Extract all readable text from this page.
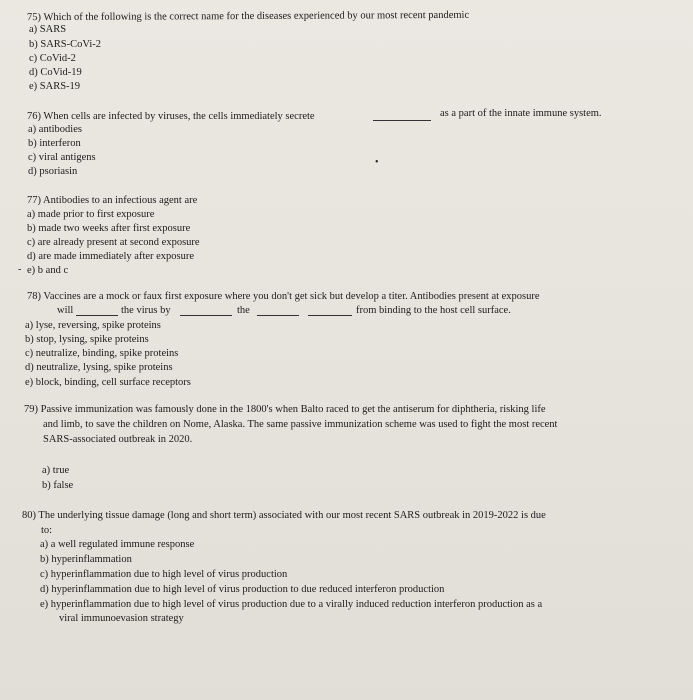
75) Which of the following is the correct name for the diseases experienced by our most recent pandemic
a) SARS
b) SARS-CoVi-2
c) CoVid-2
d) CoVid-19
e) SARS-19
76) When cells are infected by viruses, the cells immediately secrete	as a part of the innate immune system.
a) antibodies
b) interferon
c) viral antigens
d) psoriasin
•
77) Antibodies to an infectious agent are
a) made prior to first exposure
b) made two weeks after first exposure
c) are already present at second exposure
d) are made immediately after exposure
- e) b and c
78) Vaccines are a mock or faux first exposure where you don't get sick but develop a titer. Antibodies present at exposure
will	the virus by	the	from binding to the host cell surface.
a) lyse, reversing, spike proteins
b) stop, lysing, spike proteins
c) neutralize, binding, spike proteins
d) neutralize, lysing, spike proteins
e) block, binding, cell surface receptors
79) Passive immunization was famously done in the 1800's when Balto raced to get the antiserum for diphtheria, risking life
and limb, to save the children on Nome, Alaska. The same passive immunization scheme was used to fight the most recent
SARS-associated outbreak in 2020.
a) true
b) false
80) The underlying tissue damage (long and short term) associated with our most recent SARS outbreak in 2019-2022 is due
to:
a) a well regulated immune response
b) hyperinflammation
c) hyperinflammation due to high level of virus production
d) hyperinflammation due to high level of virus production to due reduced interferon production
e) hyperinflammation due to high level of virus production due to a virally induced reduction interferon production as a
viral immunoevasion strategy
